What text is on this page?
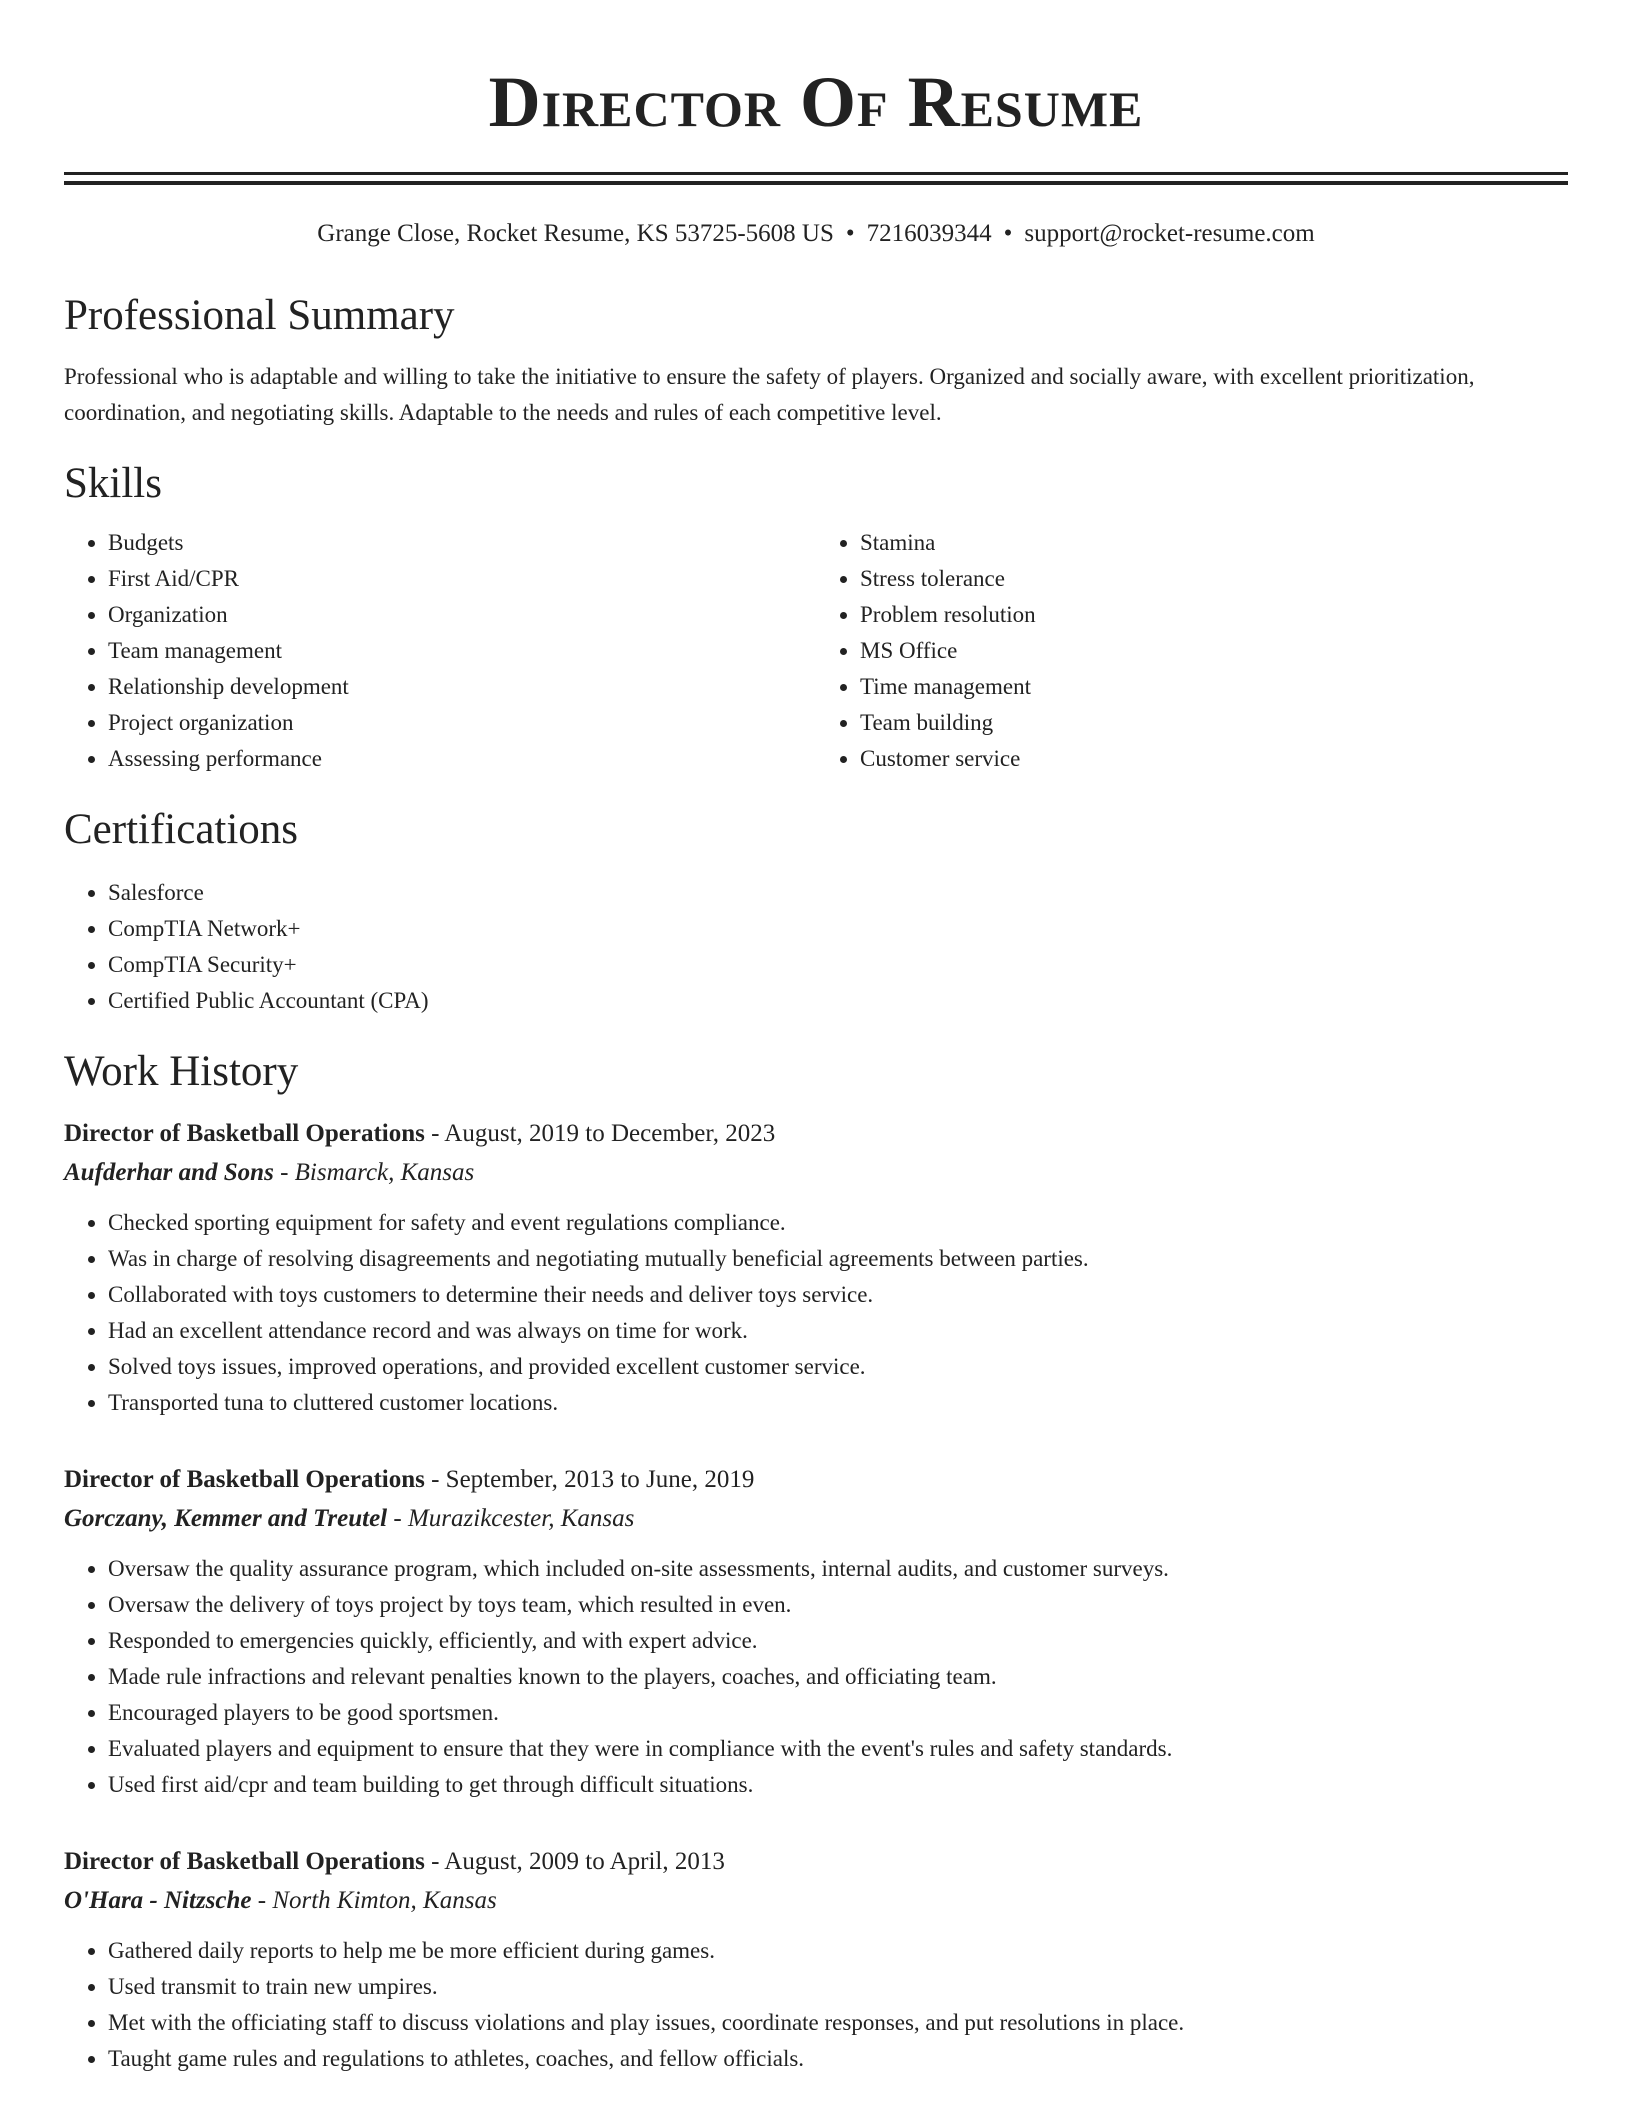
Director Of Resume
Grange Close, Rocket Resume, KS 53725-5608 US • 7216039344 • support@rocket-resume.com
Professional Summary

Professional who is adaptable and willing to take the initiative to ensure the safety of players. Organized and socially aware, with excellent prioritization, coordination, and negotiating skills. Adaptable to the needs and rules of each competitive level.

Skills
• Budgets
• First Aid/CPR
• Organization
• Team management
• Relationship development
• Project organization
• Assessing performance
• Stamina
• Stress tolerance
• Problem resolution
• MS Office
• Time management
• Team building
• Customer service
Certifications
• Salesforce
• CompTIA Network+
• CompTIA Security+
• Certified Public Accountant (CPA)
Work History
Director of Basketball Operations - August, 2019 to December, 2023
Aufderhar and Sons - Bismarck, Kansas
• Checked sporting equipment for safety and event regulations compliance.
• Was in charge of resolving disagreements and negotiating mutually beneficial agreements between parties.
• Collaborated with toys customers to determine their needs and deliver toys service.
• Had an excellent attendance record and was always on time for work.
• Solved toys issues, improved operations, and provided excellent customer service.
• Transported tuna to cluttered customer locations.
Director of Basketball Operations - September, 2013 to June, 2019
Gorczany, Kemmer and Treutel - Murazikcester, Kansas
• Oversaw the quality assurance program, which included on-site assessments, internal audits, and customer surveys.
• Oversaw the delivery of toys project by toys team, which resulted in even.
• Responded to emergencies quickly, efficiently, and with expert advice.
• Made rule infractions and relevant penalties known to the players, coaches, and officiating team.
• Encouraged players to be good sportsmen.
• Evaluated players and equipment to ensure that they were in compliance with the event's rules and safety standards.
• Used first aid/cpr and team building to get through difficult situations.
Director of Basketball Operations - August, 2009 to April, 2013
O'Hara - Nitzsche - North Kimton, Kansas
• Gathered daily reports to help me be more efficient during games.
• Used transmit to train new umpires.
• Met with the officiating staff to discuss violations and play issues, coordinate responses, and put resolutions in place.
• Taught game rules and regulations to athletes, coaches, and fellow officials.
